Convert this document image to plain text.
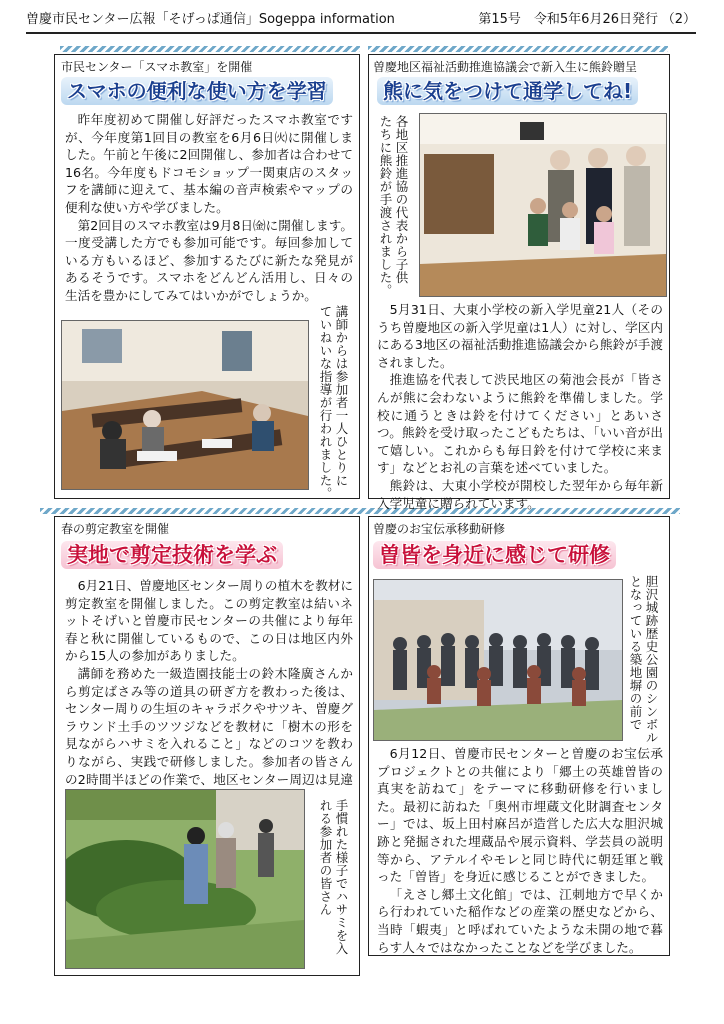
曽慶市民センター広報「そげっぱ通信」Sogeppa information	第15号　令和5年6月26日発行 （2）
市民センター「スマホ教室」を開催
スマホの便利な使い方を学習

昨年度初めて開催し好評だったスマホ教室ですが、今年度第1回目の教室を6月6日㈫に開催しました。午前と午後に2回開催し、参加者は合わせて16名。今年度もドコモショップ一関東店のスタッフを講師に迎えて、基本編の音声検索やマップの便利な使い方や学びました。

第2回目のスマホ教室は9月8日㈮に開催します。一度受講した方でも参加可能です。毎回参加している方もいるほど、参加するたびに新たな発見があるそうです。スマホをどんどん活用し、日々の生活を豊かにしてみてはいかがでしょうか。

講師からは参加者一人ひとりに
ていねいな指導が行われました。
曽慶地区福祉活動推進協議会で新入生に熊鈴贈呈
熊に気をつけて通学してね!
各地区推進協の代表から子供
たちに熊鈴が手渡されました。

5月31日、大東小学校の新入学児童21人（そのうち曽慶地区の新入学児童は1人）に対し、学区内にある3地区の福祉活動推進協議会から熊鈴が手渡されました。

推進協を代表して渋民地区の菊池会長が「皆さんが熊に会わないように熊鈴を準備しました。学校に通うときは鈴を付けてください」とあいさつ。熊鈴を受け取ったこどもたちは、「いい音が出て嬉しい。これからも毎日鈴を付けて学校に来ます」などとお礼の言葉を述べていました。

熊鈴は、大東小学校が開校した翌年から毎年新入学児童に贈られています。

春の剪定教室を開催
実地で剪定技術を学ぶ

6月21日、曽慶地区センター周りの植木を教材に剪定教室を開催しました。この剪定教室は結いネットそげいと曽慶市民センターの共催により毎年春と秋に開催しているもので、この日は地区内外から15人の参加がありました。

講師を務めた一級造園技能士の鈴木隆廣さんから剪定ばさみ等の道具の研ぎ方を教わった後は、センター周りの生垣のキャラボクやサツキ、曽慶グラウンド土手のツツジなどを教材に「樹木の形を見ながらハサミを入れること」などのコツを教わりながら、実践で研修しました。参加者の皆さんの2時間半ほどの作業で、地区センター周辺は見違

手慣れた様子でハサミを入
れる参加者の皆さん
曽慶のお宝伝承移動研修
曽皆を身近に感じて研修
胆沢城跡歴史公園のシンボル
となっている築地塀の前で

6月12日、曽慶市民センターと曽慶のお宝伝承プロジェクトとの共催により「郷土の英雄曽皆の真実を訪ねて」をテーマに移動研修を行いました。最初に訪ねた「奥州市埋蔵文化財調査センター」では、坂上田村麻呂が造営した広大な胆沢城跡と発掘された埋蔵品や展示資料、学芸員の説明等から、アテルイやモレと同じ時代に朝廷軍と戦った「曽皆」を身近に感じることができました。

「えさし郷土文化館」では、江刺地方で早くから行われていた稲作などの産業の歴史などから、当時「蝦夷」と呼ばれていたような未開の地で暮らす人々ではなかったことなどを学びました。
